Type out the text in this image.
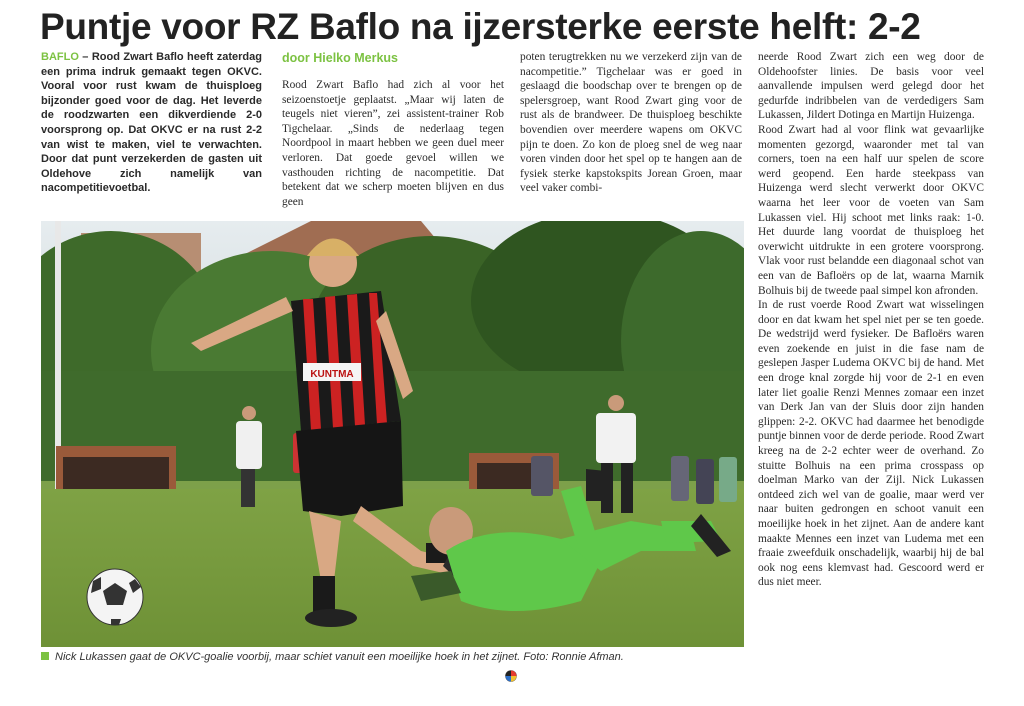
Puntje voor RZ Baflo na ijzersterke eerste helft: 2-2

BAFLO – Rood Zwart Baflo heeft zaterdag een prima indruk gemaakt tegen OKVC. Vooral voor rust kwam de thuisploeg bijzonder goed voor de dag. Het leverde de roodzwarten een dikverdiende 2-0 voorsprong op. Dat OKVC er na rust 2-2 van wist te maken, viel te verwachten. Door dat punt verzekerden de gasten uit Oldehove zich namelijk van nacompetitievoetbal.

door Hielko Merkus

Rood Zwart Baflo had zich al voor het seizoenstoetje geplaatst. „Maar wij laten de teugels niet vieren”, zei assistent-trainer Rob Tigchelaar. „Sinds de nederlaag tegen Noordpool in maart hebben we geen duel meer verloren. Dat goede gevoel willen we vasthouden richting de nacompetitie. Dat betekent dat we scherp moeten blijven en dus geen

poten terugtrekken nu we verzekerd zijn van de nacompetitie.” Tigchelaar was er goed in geslaagd die boodschap over te brengen op de spelersgroep, want Rood Zwart ging voor de rust als de brandweer. De thuisploeg beschikte bovendien over meerdere wapens om OKVC pijn te doen. Zo kon de ploeg snel de weg naar voren vinden door het spel op te hangen aan de fysiek sterke kapstokspits Jorean Groen, maar veel vaker combi-

neerde Rood Zwart zich een weg door de Oldehoofster linies. De basis voor veel aanvallende impulsen werd gelegd door het gedurfde indribbelen van de verdedigers Sam Lukassen, Jildert Dotinga en Martijn Huizenga.

Rood Zwart had al voor flink wat gevaarlijke momenten gezorgd, waaronder met tal van corners, toen na een half uur spelen de score werd geopend. Een harde steekpass van Huizenga werd slecht verwerkt door OKVC waarna het leer voor de voeten van Sam Lukassen viel. Hij schoot met links raak: 1-0. Het duurde lang voordat de thuisploeg het overwicht uitdrukte in een grotere voorsprong. Vlak voor rust belandde een diagonaal schot van een van de Bafloërs op de lat, waarna Marnik Bolhuis bij de tweede paal simpel kon afronden.

In de rust voerde Rood Zwart wat wisselingen door en dat kwam het spel niet per se ten goede. De wedstrijd werd fysieker. De Bafloërs waren even zoekende en juist in die fase nam de geslepen Jasper Ludema OKVC bij de hand. Met een droge knal zorgde hij voor de 2-1 en even later liet goalie Renzi Mennes zomaar een inzet van Derk Jan van der Sluis door zijn handen glippen: 2-2. OKVC had daarmee het benodigde puntje binnen voor de derde periode. Rood Zwart kreeg na de 2-2 echter weer de overhand. Zo stuitte Bolhuis na een prima crosspass op doelman Marko van der Zijl. Nick Lukassen ontdeed zich wel van de goalie, maar werd ver naar buiten gedrongen en schoot vanuit een moeilijke hoek in het zijnet. Aan de andere kant maakte Mennes een inzet van Ludema met een fraaie zweefduik onschadelijk, waarbij hij de bal ook nog eens klemvast had. Gescoord werd er dus niet meer.

KUNTMA
Nick Lukassen gaat de OKVC-goalie voorbij, maar schiet vanuit een moeilijke hoek in het zijnet. Foto: Ronnie Afman.
